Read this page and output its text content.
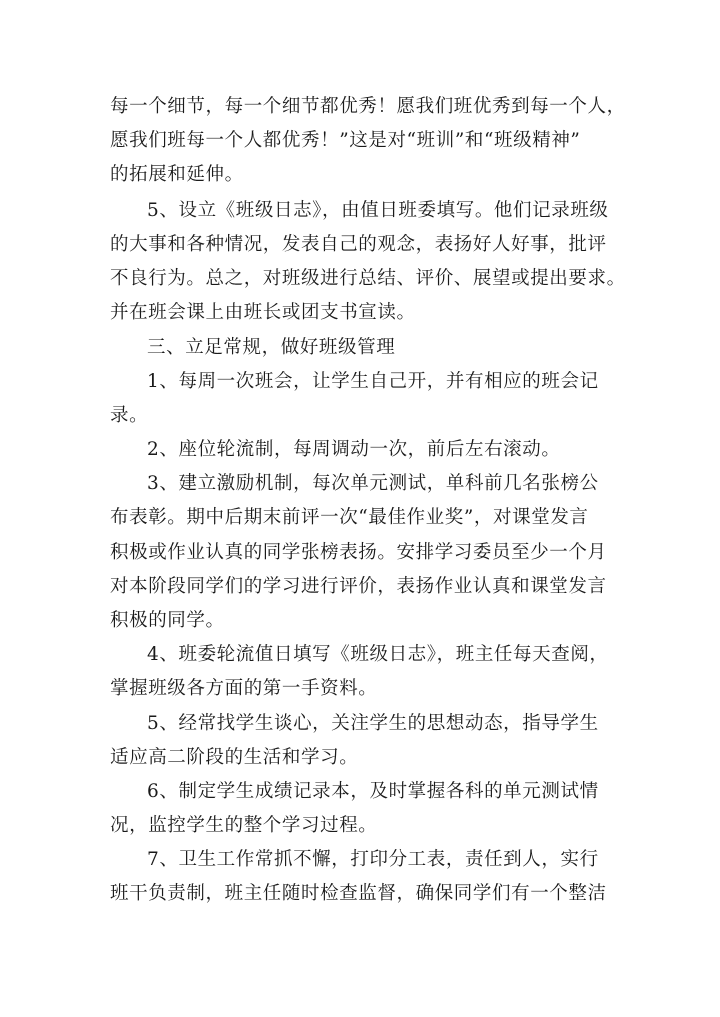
每一个细节，每一个细节都优秀！愿我们班优秀到每一个人，
愿我们班每一个人都优秀！”这是对“班训”和“班级精神”
的拓展和延伸。
5、设立《班级日志》，由值日班委填写。他们记录班级
的大事和各种情况，发表自己的观念，表扬好人好事，批评
不良行为。总之，对班级进行总结、评价、展望或提出要求。
并在班会课上由班长或团支书宣读。
三、立足常规，做好班级管理
1、每周一次班会，让学生自己开，并有相应的班会记
录。
2、座位轮流制，每周调动一次，前后左右滚动。
3、建立激励机制，每次单元测试，单科前几名张榜公
布表彰。期中后期末前评一次“最佳作业奖”，对课堂发言
积极或作业认真的同学张榜表扬。安排学习委员至少一个月
对本阶段同学们的学习进行评价，表扬作业认真和课堂发言
积极的同学。
4、班委轮流值日填写《班级日志》，班主任每天查阅，
掌握班级各方面的第一手资料。
5、经常找学生谈心，关注学生的思想动态，指导学生
适应高二阶段的生活和学习。
6、制定学生成绩记录本，及时掌握各科的单元测试情
况，监控学生的整个学习过程。
7、卫生工作常抓不懈，打印分工表，责任到人，实行
班干负责制，班主任随时检查监督，确保同学们有一个整洁
